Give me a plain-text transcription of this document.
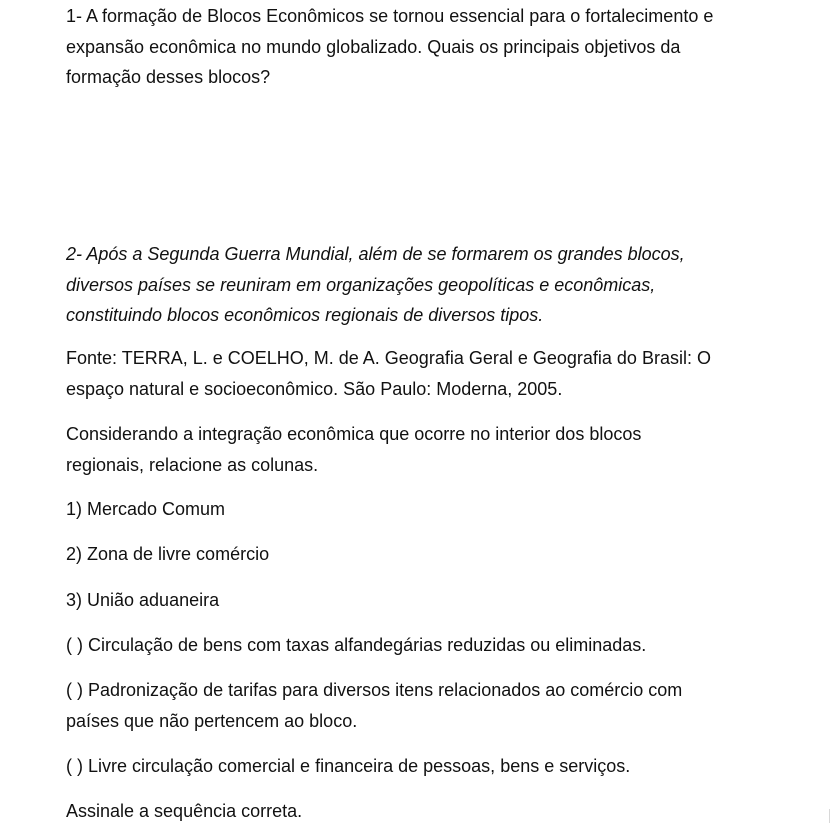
1- A formação de Blocos Econômicos se tornou essencial para o fortalecimento e
expansão econômica no mundo globalizado. Quais os principais objetivos da
formação desses blocos?
2- Após a Segunda Guerra Mundial, além de se formarem os grandes blocos,
diversos países se reuniram em organizações geopolíticas e econômicas,
constituindo blocos econômicos regionais de diversos tipos.
Fonte: TERRA, L. e COELHO, M. de A. Geografia Geral e Geografia do Brasil: O
espaço natural e socioeconômico. São Paulo: Moderna, 2005.
Considerando a integração econômica que ocorre no interior dos blocos
regionais, relacione as colunas.
1) Mercado Comum
2) Zona de livre comércio
3) União aduaneira
( ) Circulação de bens com taxas alfandegárias reduzidas ou eliminadas.
( ) Padronização de tarifas para diversos itens relacionados ao comércio com
países que não pertencem ao bloco.
( ) Livre circulação comercial e financeira de pessoas, bens e serviços.
Assinale a sequência correta.
